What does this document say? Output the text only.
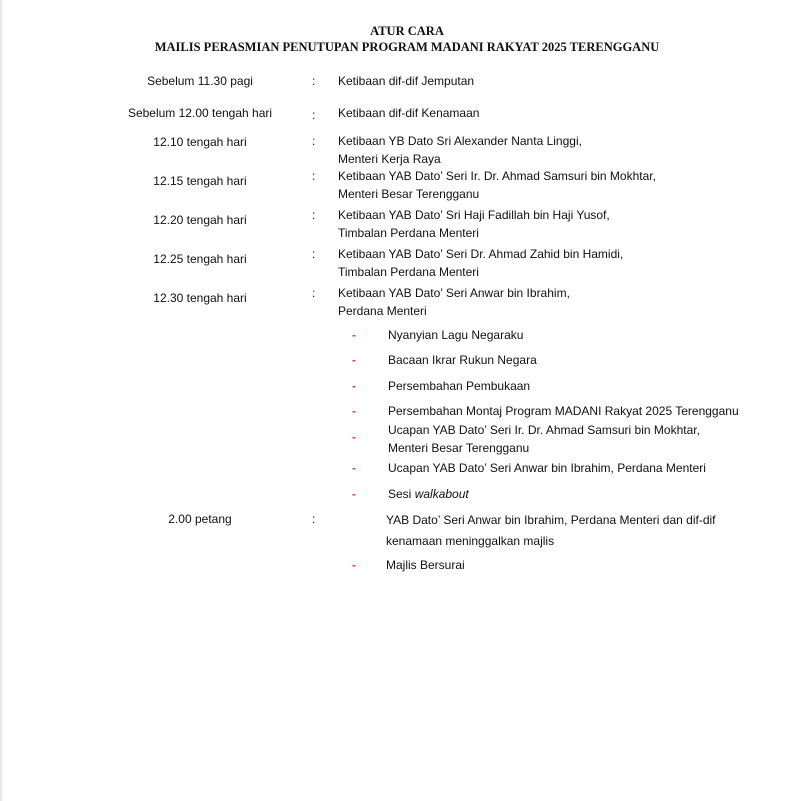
ATUR CARA
MAILIS PERASMIAN PENUTUPAN PROGRAM MADANI RAKYAT 2025 TERENGGANU
Sebelum 11.30 pagi	: Ketibaan dif-dif Jemputan
Sebelum 12.00 tengah hari	: Ketibaan dif-dif Kenamaan
12.10 tengah hari	: Ketibaan YB Dato Sri Alexander Nanta Linggi,
Menteri Kerja Raya
12.15 tengah hari	: Ketibaan YAB Dato’ Seri Ir. Dr. Ahmad Samsuri bin Mokhtar,
Menteri Besar Terengganu
12.20 tengah hari	: Ketibaan YAB Dato’ Sri Haji Fadillah bin Haji Yusof,
Timbalan Perdana Menteri
12.25 tengah hari	: Ketibaan YAB Dato’ Seri Dr. Ahmad Zahid bin Hamidi,
Timbalan Perdana Menteri
12.30 tengah hari	: Ketibaan YAB Dato’ Seri Anwar bin Ibrahim,
Perdana Menteri
-	Nyanyian Lagu Negaraku
-	Bacaan Ikrar Rukun Negara
-	Persembahan Pembukaan
-	Persembahan Montaj Program MADANI Rakyat 2025 Terengganu
-	Ucapan YAB Dato’ Seri Ir. Dr. Ahmad Samsuri bin Mokhtar,
Menteri Besar Terengganu
-	Ucapan YAB Dato’ Seri Anwar bin Ibrahim, Perdana Menteri
-	Sesi walkabout
2.00 petang	:	YAB Dato’ Seri Anwar bin Ibrahim, Perdana Menteri dan dif-dif
kenamaan meninggalkan majlis
-	Majlis Bersurai
